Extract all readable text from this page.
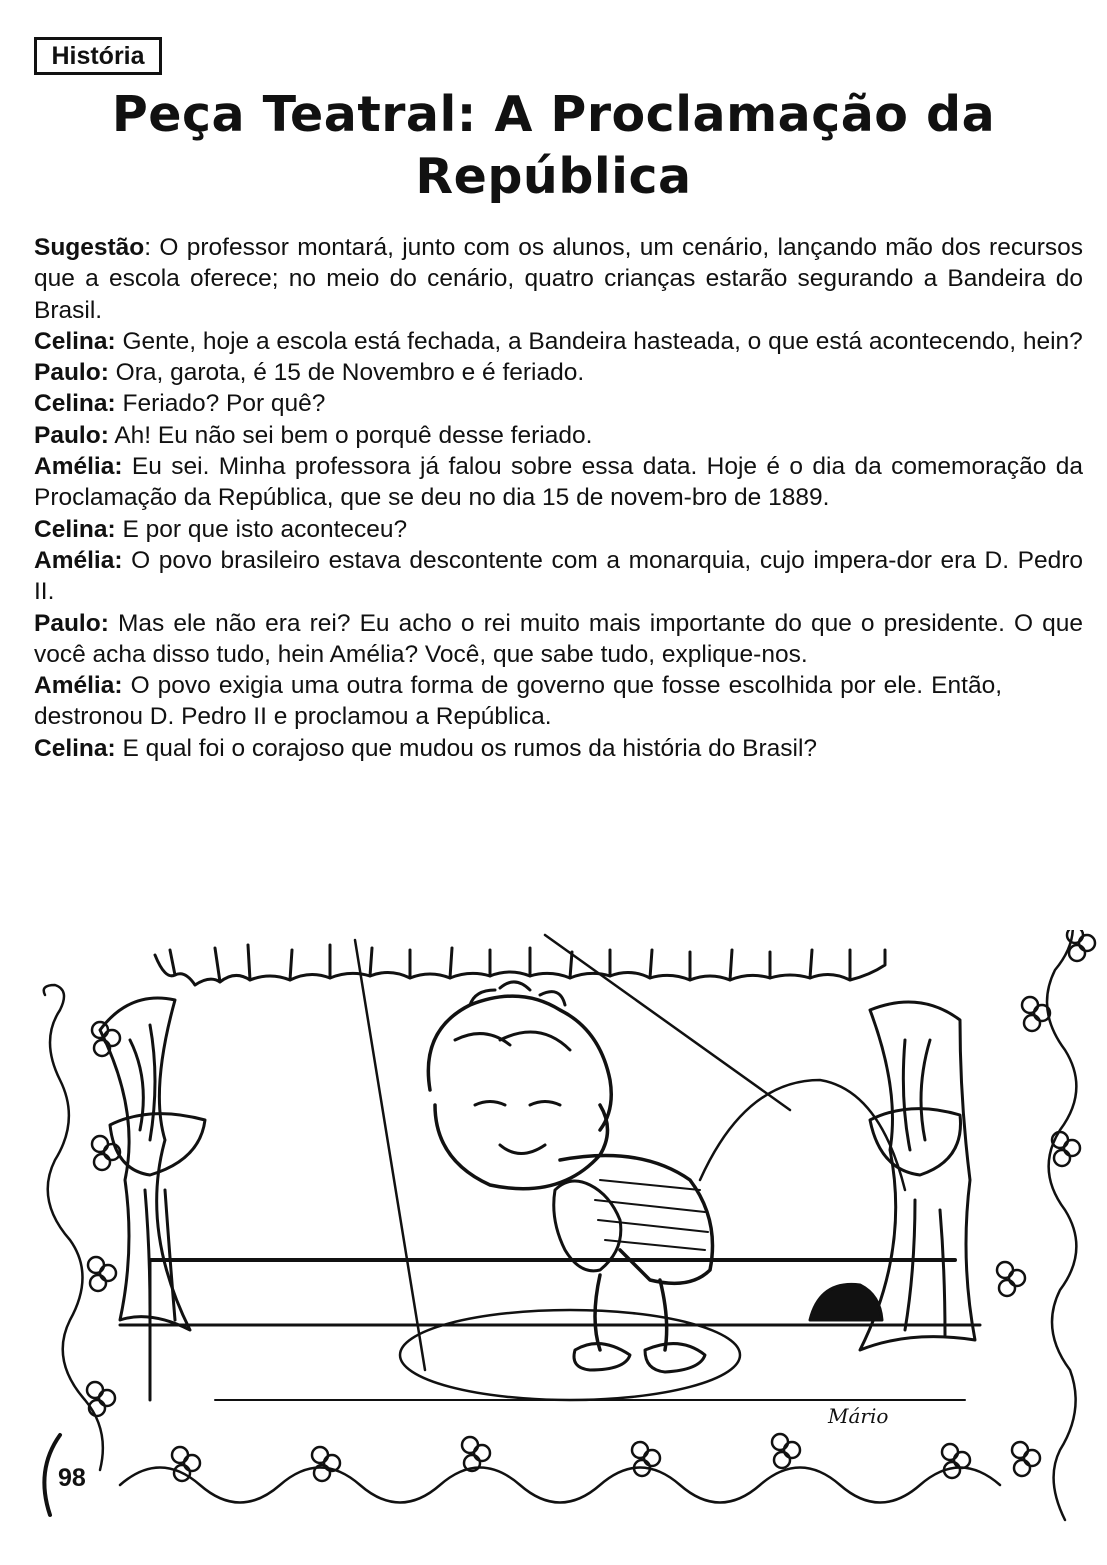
História
Peça Teatral: A Proclamação da
República

Sugestão: O professor montará, junto com os alunos, um cenário, lançando mão dos recursos que a escola oferece; no meio do cenário, quatro crianças estarão segurando a Bandeira do Brasil.

Celina: Gente, hoje a escola está fechada, a Bandeira hasteada, o que está acontecendo, hein?

Paulo: Ora, garota, é 15 de Novembro e é feriado.

Celina: Feriado? Por quê?

Paulo: Ah! Eu não sei bem o porquê desse feriado.

Amélia: Eu sei. Minha professora já falou sobre essa data. Hoje é o dia da comemoração da Proclamação da República, que se deu no dia 15 de novem-bro de 1889.

Celina: E por que isto aconteceu?

Amélia: O povo brasileiro estava descontente com a monarquia, cujo impera-dor era D. Pedro II.

Paulo: Mas ele não era rei? Eu acho o rei muito mais importante do que o presidente. O que você acha disso tudo, hein Amélia? Você, que sabe tudo, explique-nos.

Amélia: O povo exigia uma outra forma de governo que fosse escolhida por ele. Então, destronou D. Pedro II e proclamou a República.

Celina: E qual foi o corajoso que mudou os rumos da história do Brasil?

Mário
98
